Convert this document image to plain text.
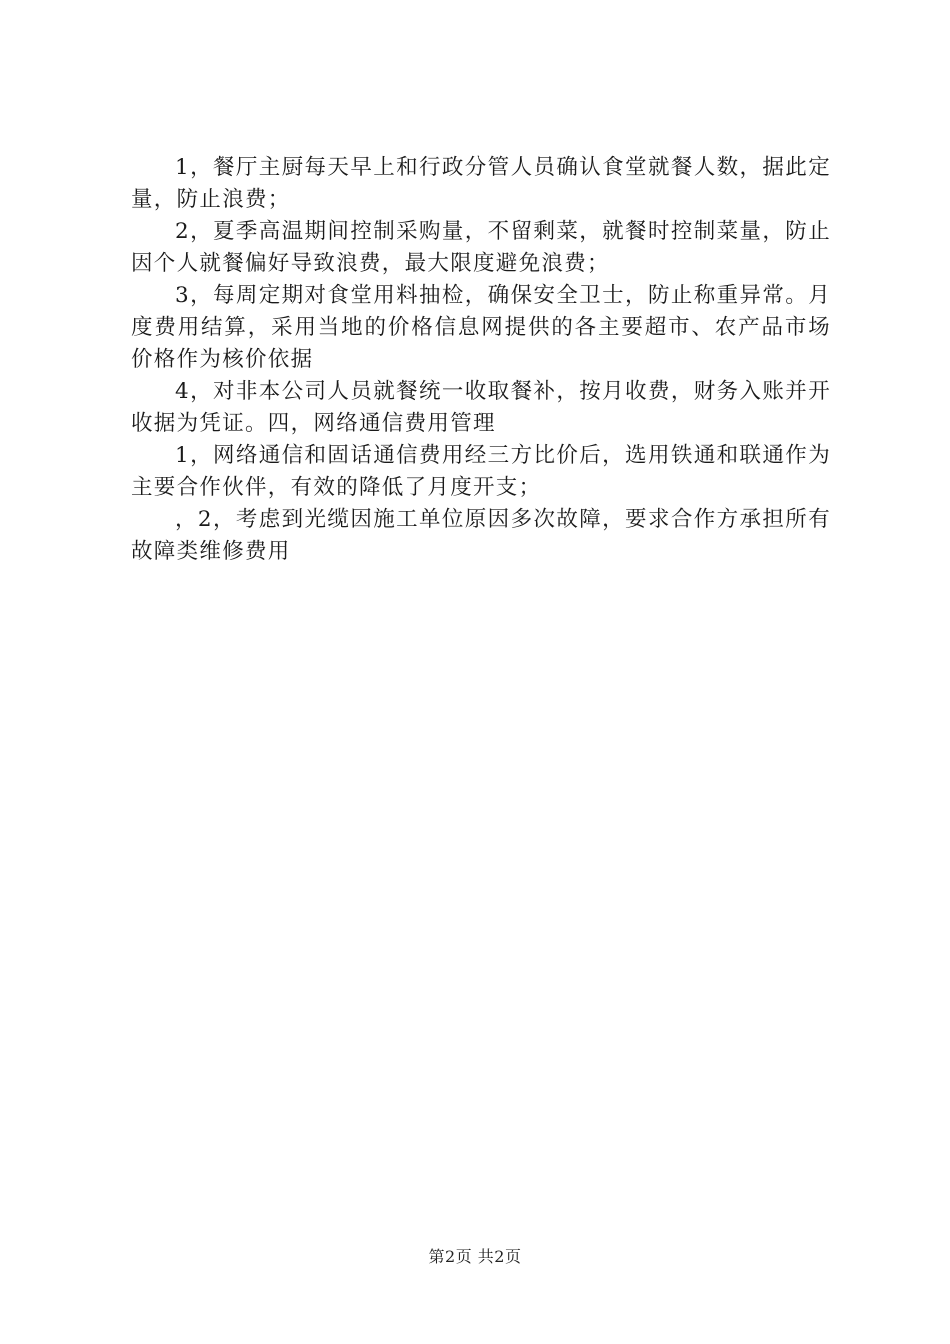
1，餐厅主厨每天早上和行政分管人员确认食堂就餐人数，据此定量，防止浪费；

2，夏季高温期间控制采购量，不留剩菜，就餐时控制菜量，防止因个人就餐偏好导致浪费，最大限度避免浪费；

3，每周定期对食堂用料抽检，确保安全卫士，防止称重异常。月度费用结算，采用当地的价格信息网提供的各主要超市、农产品市场价格作为核价依据

4，对非本公司人员就餐统一收取餐补，按月收费，财务入账并开收据为凭证。四，网络通信费用管理

1，网络通信和固话通信费用经三方比价后，选用铁通和联通作为主要合作伙伴，有效的降低了月度开支；

，2，考虑到光缆因施工单位原因多次故障，要求合作方承担所有故障类维修费用

第2页 共2页
